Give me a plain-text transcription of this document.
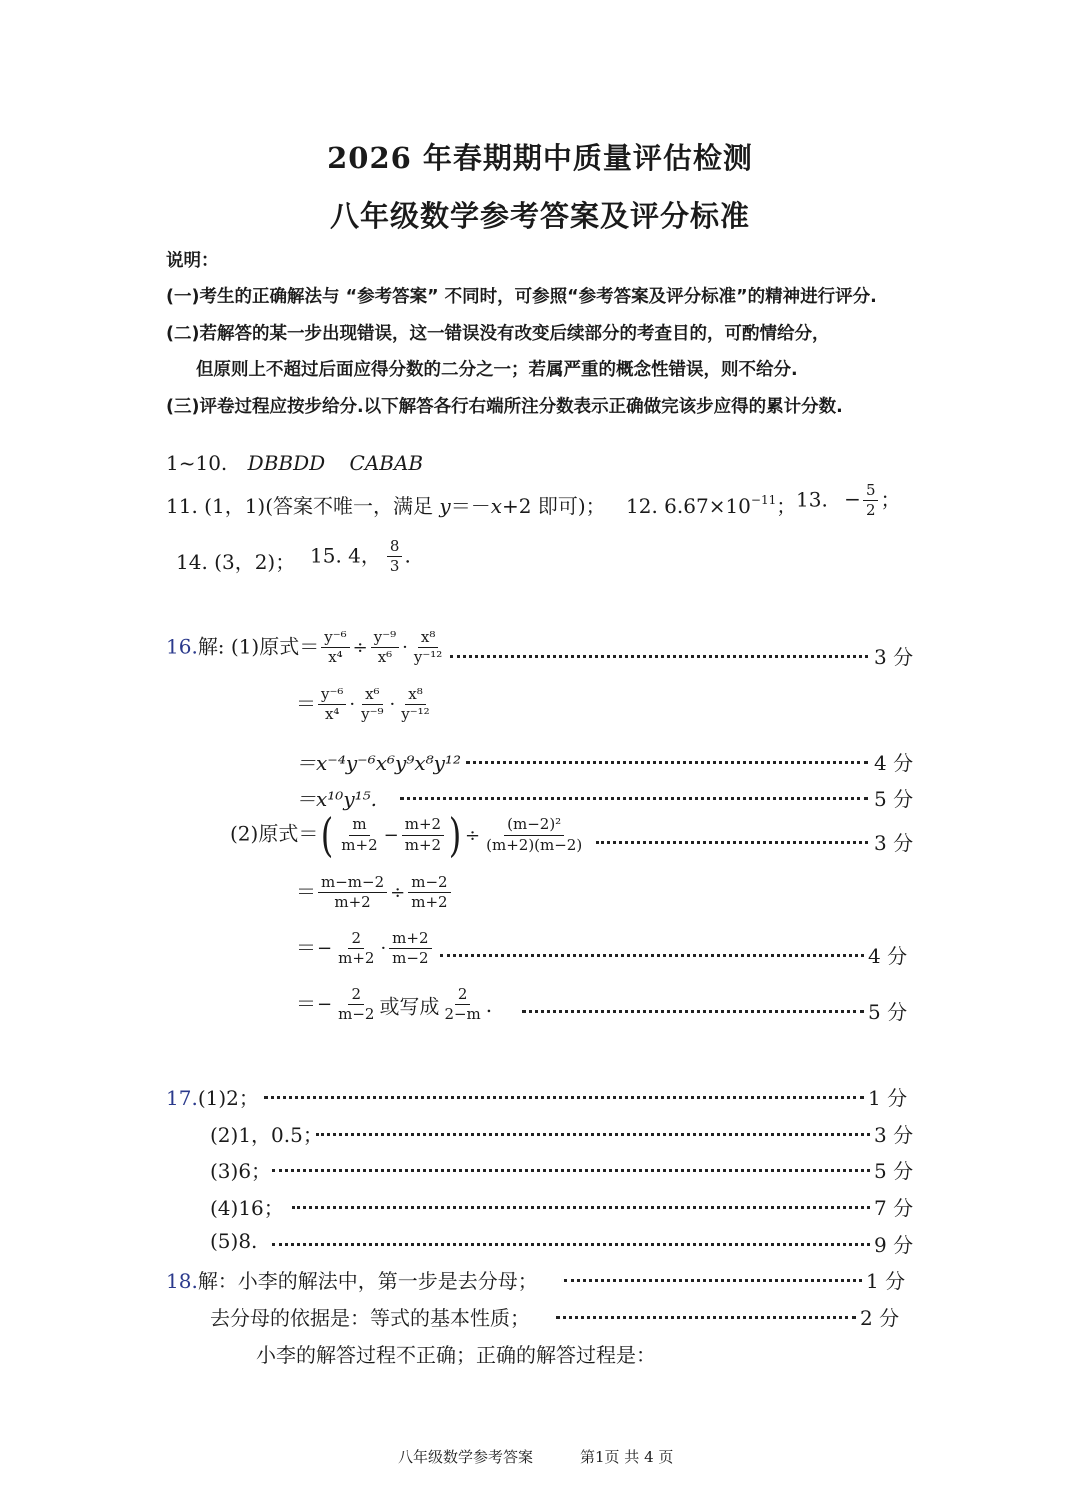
2026 年春期期中质量评估检测
八年级数学参考答案及评分标准
说明：
(一)考生的正确解法与 “参考答案” 不同时，可参照“参考答案及评分标准”的精神进行评分.
(二)若解答的某一步出现错误，这一错误没有改变后续部分的考查目的，可酌情给分，
但原则上不超过后面应得分数的二分之一；若属严重的概念性错误，则不给分.
(三)评卷过程应按步给分.以下解答各行右端所注分数表示正确做完该步应得的累计分数.
1~10. DBBDD CABAB
11. (1，1)(答案不唯一，满足 y＝－x+2 即可)； 12. $6.67\times 10^{-11}$； 13. − $\frac{5}{2}$ ；
14. (3，2)； 15. 4， $\frac{8}{3}$ .
16.解: (1)原式＝ $\frac{\text{y⁻⁶}}{\text{x⁴}} \div \frac{\text{y⁻⁹}}{\text{x⁶}} \cdot \frac{\text{x⁸}}{\text{y⁻¹²}}$	3 分
＝ $\frac{\text{y⁻⁶}}{\text{x⁴}} \cdot \frac{\text{x⁶}}{\text{y⁻⁹}} \cdot \frac{\text{x⁸}}{\text{y⁻¹²}}$
＝x⁻⁴y⁻⁶x⁶y⁹x⁸y¹²	4 分
＝x¹⁰y¹⁵.	5 分
(2)原式＝( $\frac{m}{m+2} - \frac{m+2}{m+2}$ ) ÷ $\frac{\text{(m−2)²}}{(m+2)(m-2)}$	3 分
＝ $\frac{m-m-2}{m+2} \div \frac{m-2}{m+2}$
＝− $\frac{2}{m+2} \cdot \frac{m+2}{m-2}$	4 分
＝− $\frac{2}{m-2}$ 或写成 $\frac{2}{2-m}$ .	5 分
17.(1)2；	1 分
(2)1，0.5；	3 分
(3)6；	5 分
(4)16；	7 分
(5)8.	9 分
18.解：小李的解法中，第一步是去分母；	1 分
去分母的依据是：等式的基本性质；	2 分
小李的解答过程不正确；正确的解答过程是：
八年级数学参考答案	第1页 共 4 页
